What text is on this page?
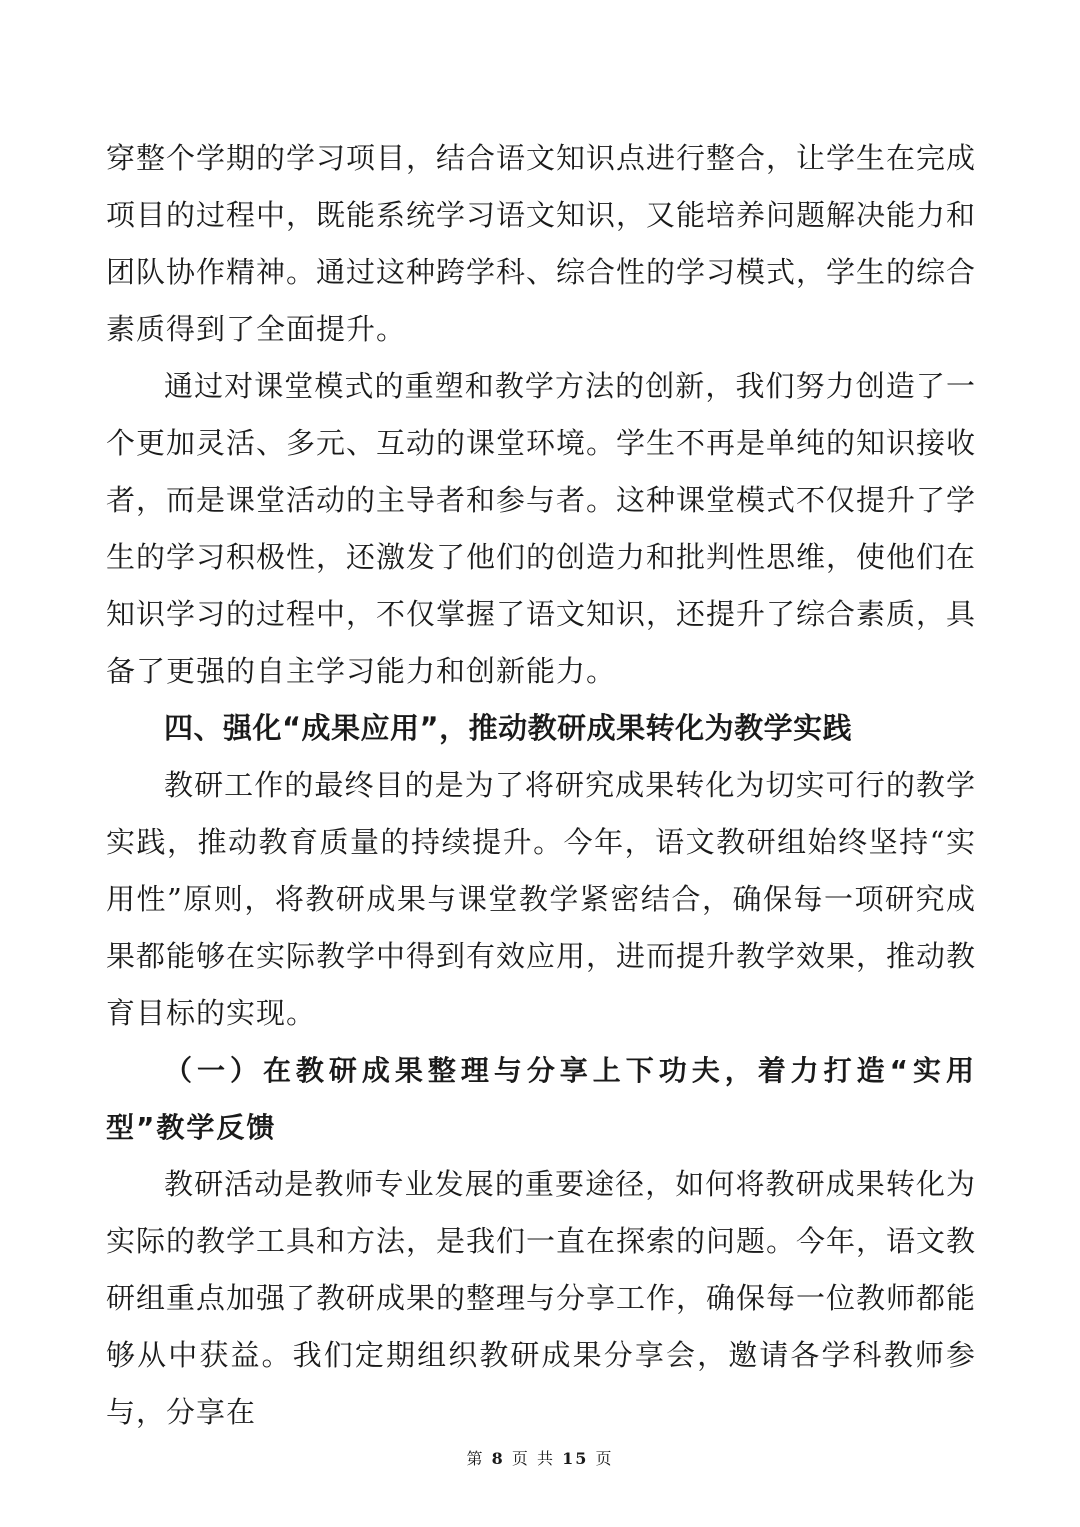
穿整个学期的学习项目，结合语文知识点进行整合，让学生在完成项目的过程中，既能系统学习语文知识，又能培养问题解决能力和团队协作精神。通过这种跨学科、综合性的学习模式，学生的综合素质得到了全面提升。

通过对课堂模式的重塑和教学方法的创新，我们努力创造了一个更加灵活、多元、互动的课堂环境。学生不再是单纯的知识接收者，而是课堂活动的主导者和参与者。这种课堂模式不仅提升了学生的学习积极性，还激发了他们的创造力和批判性思维，使他们在知识学习的过程中，不仅掌握了语文知识，还提升了综合素质，具备了更强的自主学习能力和创新能力。

四、强化“成果应用”，推动教研成果转化为教学实践

教研工作的最终目的是为了将研究成果转化为切实可行的教学实践，推动教育质量的持续提升。今年，语文教研组始终坚持“实用性”原则，将教研成果与课堂教学紧密结合，确保每一项研究成果都能够在实际教学中得到有效应用，进而提升教学效果，推动教育目标的实现。

（一）在教研成果整理与分享上下功夫，着力打造“实用型”教学反馈

教研活动是教师专业发展的重要途径，如何将教研成果转化为实际的教学工具和方法，是我们一直在探索的问题。今年，语文教研组重点加强了教研成果的整理与分享工作，确保每一位教师都能够从中获益。我们定期组织教研成果分享会，邀请各学科教师参与，分享在

第 8 页 共 15 页
